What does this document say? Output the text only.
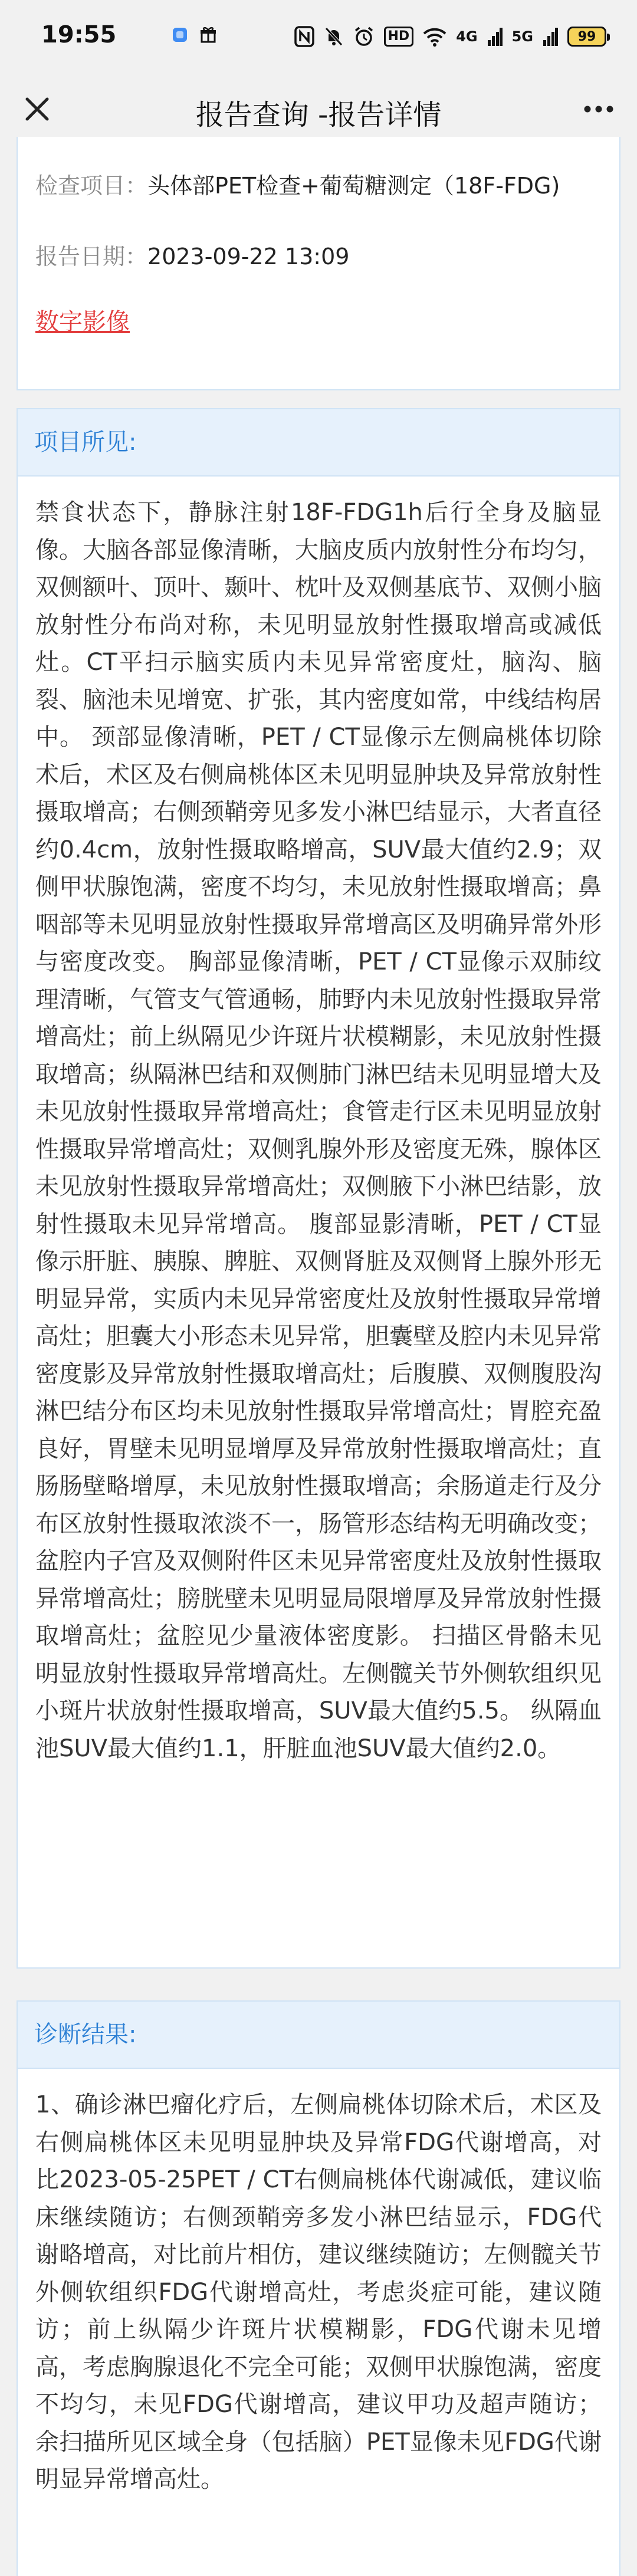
19:55	HD	4G 5G	99
报告查询 -报告详情
检查项目：头体部PET检查+葡萄糖测定（18F-FDG)
报告日期：2023-09-22 13:09
数字影像
项目所见:
禁食状态下，静脉注射18F-FDG1h后行全身及脑显像。大脑各部显像清晰，大脑皮质内放射性分布均匀，双侧额叶、顶叶、颞叶、枕叶及双侧基底节、双侧小脑放射性分布尚对称，未见明显放射性摄取增高或减低灶。CT平扫示脑实质内未见异常密度灶，脑沟、脑裂、脑池未见增宽、扩张，其内密度如常，中线结构居中。 颈部显像清晰，PET / CT显像示左侧扁桃体切除术后，术区及右侧扁桃体区未见明显肿块及异常放射性摄取增高；右侧颈鞘旁见多发小淋巴结显示，大者直径约0.4cm，放射性摄取略增高，SUV最大值约2.9；双侧甲状腺饱满，密度不均匀，未见放射性摄取增高；鼻咽部等未见明显放射性摄取异常增高区及明确异常外形与密度改变。 胸部显像清晰，PET / CT显像示双肺纹理清晰，气管支气管通畅，肺野内未见放射性摄取异常增高灶；前上纵隔见少许斑片状模糊影，未见放射性摄取增高；纵隔淋巴结和双侧肺门淋巴结未见明显增大及未见放射性摄取异常增高灶；食管走行区未见明显放射性摄取异常增高灶；双侧乳腺外形及密度无殊，腺体区未见放射性摄取异常增高灶；双侧腋下小淋巴结影，放射性摄取未见异常增高。 腹部显影清晰，PET / CT显像示肝脏、胰腺、脾脏、双侧肾脏及双侧肾上腺外形无明显异常，实质内未见异常密度灶及放射性摄取异常增高灶；胆囊大小形态未见异常，胆囊壁及腔内未见异常密度影及异常放射性摄取增高灶；后腹膜、双侧腹股沟淋巴结分布区均未见放射性摄取异常增高灶；胃腔充盈良好，胃壁未见明显增厚及异常放射性摄取增高灶；直肠肠壁略增厚，未见放射性摄取增高；余肠道走行及分布区放射性摄取浓淡不一，肠管形态结构无明确改变；盆腔内子宫及双侧附件区未见异常密度灶及放射性摄取异常增高灶；膀胱壁未见明显局限增厚及异常放射性摄取增高灶；盆腔见少量液体密度影。 扫描区骨骼未见明显放射性摄取异常增高灶。左侧髋关节外侧软组织见小斑片状放射性摄取增高，SUV最大值约5.5。 纵隔血池SUV最大值约1.1，肝脏血池SUV最大值约2.0。
诊断结果:
1、确诊淋巴瘤化疗后，左侧扁桃体切除术后，术区及右侧扁桃体区未见明显肿块及异常FDG代谢增高，对比2023-05-25PET / CT右侧扁桃体代谢减低，建议临床继续随访；右侧颈鞘旁多发小淋巴结显示，FDG代谢略增高，对比前片相仿，建议继续随访；左侧髋关节外侧软组织FDG代谢增高灶，考虑炎症可能，建议随访；前上纵隔少许斑片状模糊影，FDG代谢未见增高，考虑胸腺退化不完全可能；双侧甲状腺饱满，密度不均匀，未见FDG代谢增高，建议甲功及超声随访；余扫描所见区域全身（包括脑）PET显像未见FDG代谢明显异常增高灶。
